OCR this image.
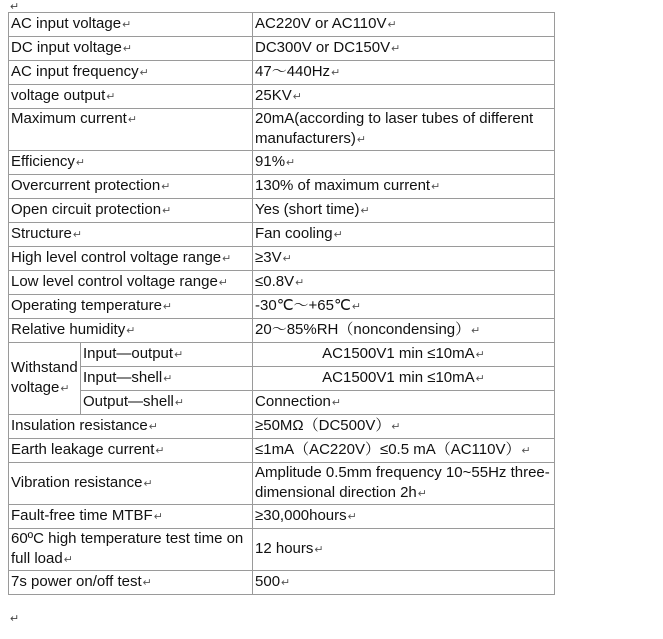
↵
AC input voltage↵		AC220V or AC110V↵
DC input voltage↵		DC300V or DC150V↵
AC input frequency↵		47～440Hz↵
voltage output↵		25KV↵
Maximum current↵		20mA(according to laser tubes of different manufacturers)↵
Efficiency↵		91%↵
Overcurrent protection↵		130% of maximum current↵
Open circuit protection↵		Yes (short time)↵
Structure↵		Fan cooling↵
High level control voltage range↵		≥3V↵
Low level control voltage range↵		≤0.8V↵
Operating temperature↵		-30℃～+65℃↵
Relative humidity↵		20～85%RH（noncondensing）↵
Withstand voltage↵	Input—output↵	AC1500V1 min ≤10mA↵
	Input—shell↵	AC1500V1 min ≤10mA↵
	Output—shell↵	Connection↵
Insulation resistance↵		≥50MΩ（DC500V）↵
Earth leakage current↵		≤1mA（AC220V）≤0.5 mA（AC110V）↵
Vibration resistance↵		Amplitude 0.5mm frequency 10~55Hz three-dimensional direction 2h↵
Fault-free time MTBF↵		≥30,000hours↵
60ºC high temperature test time on full load↵		12 hours↵
7s power on/off test↵		500↵
↵
